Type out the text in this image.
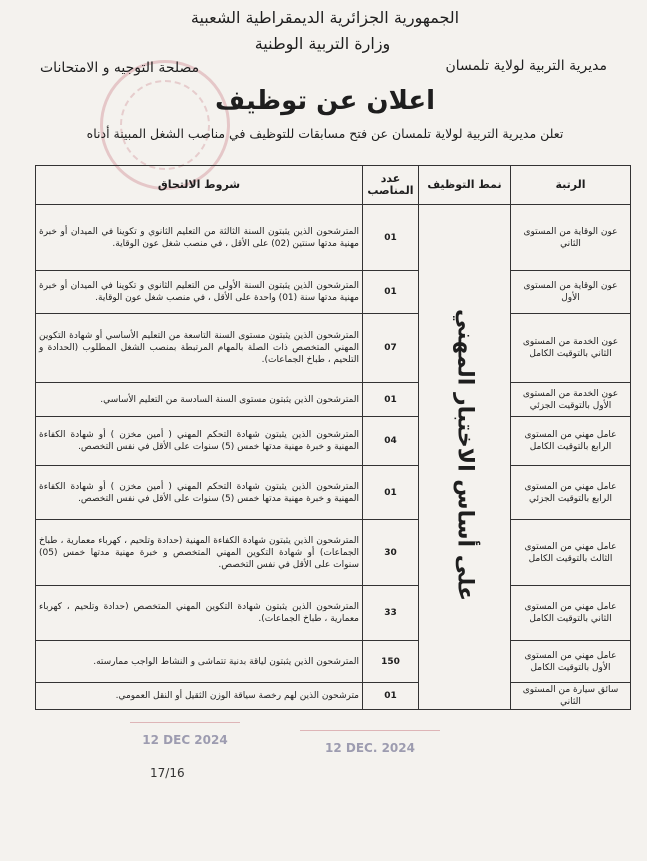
الجمهورية الجزائرية الديمقراطية الشعبية
وزارة التربية الوطنية
مديرية التربية لولاية تلمسان
مصلحة التوجيه و الامتحانات
اعلان عن توظيف
تعلن مديرية التربية لولاية تلمسان عن فتح مسابقات للتوظيف في مناصب الشغل المبينة أدناه
الرتبة	نمط التوظيف	عدد المناصب	شروط الالتحاق
عون الوقاية من المستوى الثاني	على أساس الاختبار المهني	01	المترشحون الذين يثبتون السنة الثالثة من التعليم الثانوي و تكوينا في الميدان أو خبرة مهنية مدتها سنتين (02) على الأقل ، في منصب شغل عون الوقاية.
عون الوقاية من المستوى الأول		01	المترشحون الذين يثبتون السنة الأولى من التعليم الثانوي و تكوينا في الميدان أو خبرة مهنية مدتها سنة (01) واحدة على الأقل ، في منصب شغل عون الوقاية.
عون الخدمة من المستوى الثاني بالتوقيت الكامل		07	المترشحون الذين يثبتون مستوى السنة التاسعة من التعليم الأساسي أو شهادة التكوين المهني المتخصص ذات الصلة بالمهام المرتبطة بمنصب الشغل المطلوب (الحدادة و التلحيم ، طباخ الجماعات).
عون الخدمة من المستوى الأول بالتوقيت الجزئي		01	المترشحون الذين يثبتون مستوى السنة السادسة من التعليم الأساسي.
عامل مهني من المستوى الرابع بالتوقيت الكامل		04	المترشحون الذين يثبتون شهادة التحكم المهني ( أمين مخزن ) أو شهادة الكفاءة المهنية و خبرة مهنية مدتها خمس (5) سنوات على الأقل في نفس التخصص.
عامل مهني من المستوى الرابع بالتوقيت الجزئي		01	المترشحون الذين يثبتون شهادة التحكم المهني ( أمين مخزن ) أو شهادة الكفاءة المهنية و خبرة مهنية مدتها خمس (5) سنوات على الأقل في نفس التخصص.
عامل مهني من المستوى الثالث بالتوقيت الكامل		30	المترشحون الذين يثبتون شهادة الكفاءة المهنية (حدادة وتلحيم ، كهرباء معمارية ، طباخ الجماعات) أو شهادة التكوين المهني المتخصص و خبرة مهنية مدتها خمس (05) سنوات على الأقل في نفس التخصص.
عامل مهني من المستوى الثاني بالتوقيت الكامل		33	المترشحون الذين يثبتون شهادة التكوين المهني المتخصص (حدادة وتلحيم ، كهرباء معمارية ، طباخ الجماعات).
عامل مهني من المستوى الأول بالتوقيت الكامل		150	المترشحون الذين يثبتون لياقة بدنية تتماشى و النشاط الواجب ممارسته.
سائق سيارة من المستوى الثاني		01	مترشحون الذين لهم رخصة سياقة الوزن الثقيل أو النقل العمومي.
12 DEC 2024
12 DEC. 2024
17/16
